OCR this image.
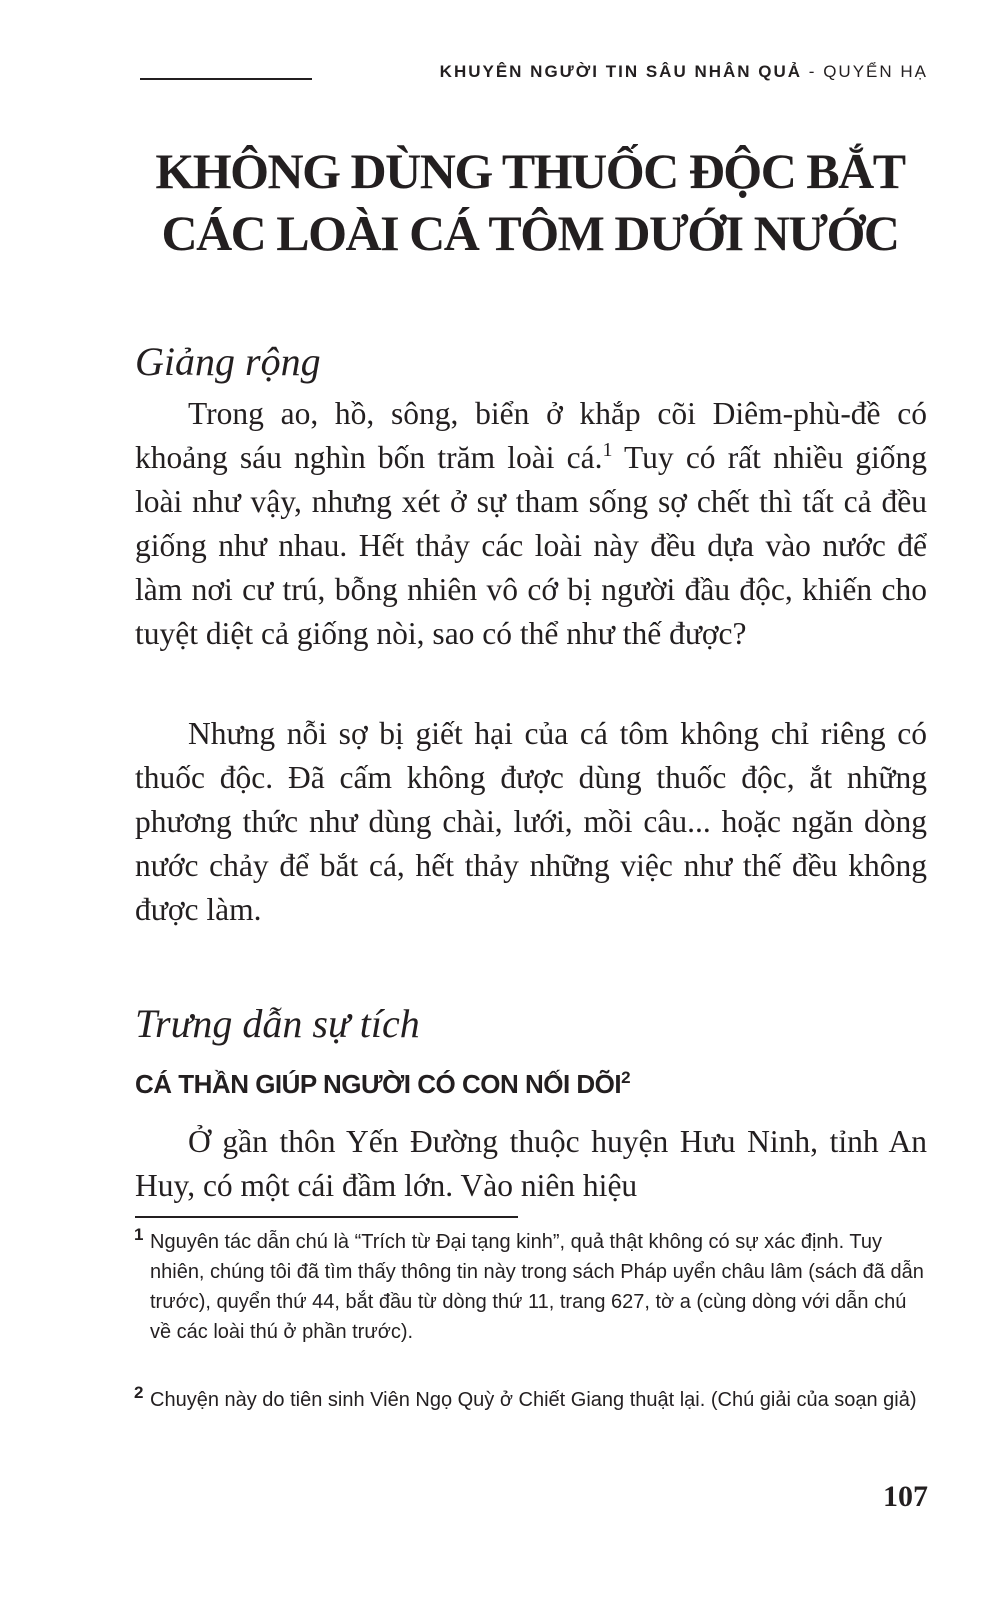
KHUYÊN NGƯỜI TIN SÂU NHÂN QUẢ - QUYỂN HẠ
KHÔNG DÙNG THUỐC ĐỘC BẮT CÁC LOÀI CÁ TÔM DƯỚI NƯỚC
Giảng rộng

Trong ao, hồ, sông, biển ở khắp cõi Diêm-phù-đề có khoảng sáu nghìn bốn trăm loài cá.$^1$ Tuy có rất nhiều giống loài như vậy, nhưng xét ở sự tham sống sợ chết thì tất cả đều giống như nhau. Hết thảy các loài này đều dựa vào nước để làm nơi cư trú, bỗng nhiên vô cớ bị người đầu độc, khiến cho tuyệt diệt cả giống nòi, sao có thể như thế được?

Nhưng nỗi sợ bị giết hại của cá tôm không chỉ riêng có thuốc độc. Đã cấm không được dùng thuốc độc, ắt những phương thức như dùng chài, lưới, mồi câu... hoặc ngăn dòng nước chảy để bắt cá, hết thảy những việc như thế đều không được làm.

Trưng dẫn sự tích
CÁ THẦN GIÚP NGƯỜI CÓ CON NỐI DÕI$^2$

Ở gần thôn Yến Đường thuộc huyện Hưu Ninh, tỉnh An Huy, có một cái đầm lớn. Vào niên hiệu

1 Nguyên tác dẫn chú là “Trích từ Đại tạng kinh”, quả thật không có sự xác định. Tuy nhiên, chúng tôi đã tìm thấy thông tin này trong sách Pháp uyển châu lâm (sách đã dẫn trước), quyển thứ 44, bắt đầu từ dòng thứ 11, trang 627, tờ a (cùng dòng với dẫn chú về các loài thú ở phần trước).

2 Chuyện này do tiên sinh Viên Ngọ Quỳ ở Chiết Giang thuật lại. (Chú giải của soạn giả)

107
